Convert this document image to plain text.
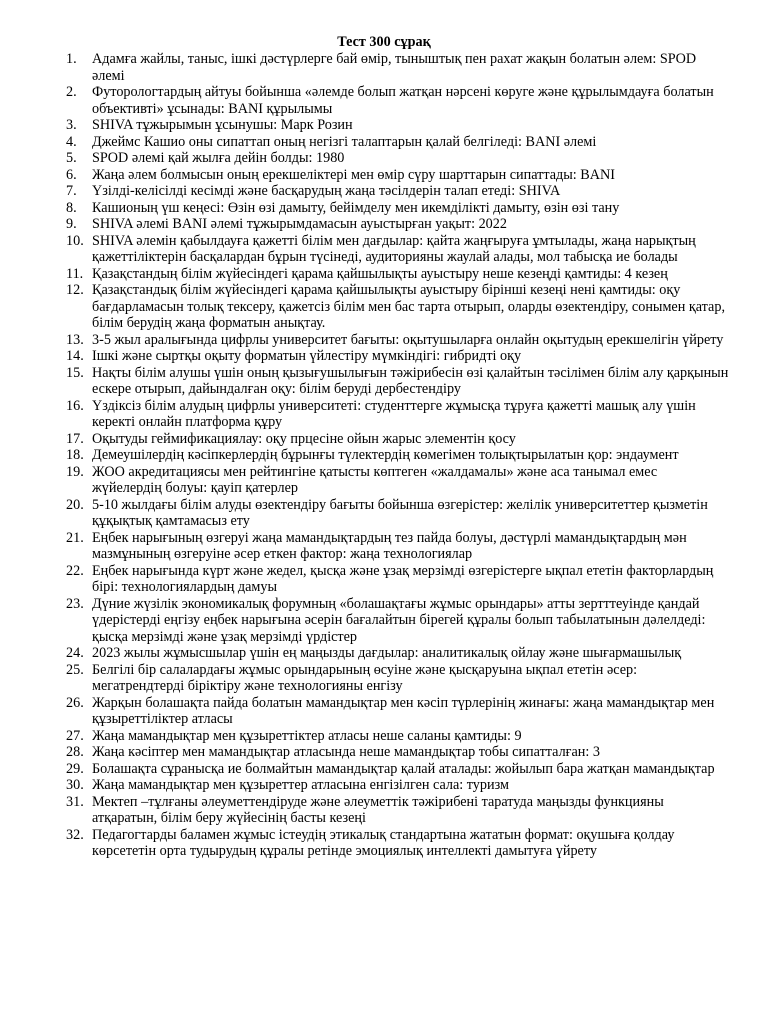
Тест 300 сұрақ
1. Адамға жайлы, таныс, ішкі дәстүрлерге бай өмір, тыныштық пен рахат жақын болатын әлем: SPOD әлемі
2. Футорологтардың айтуы бойынша «әлемде болып жатқан нәрсені көруге және құрылымдауға болатын объективті» ұсынады: BANI құрылымы
3. SHIVA тұжырымын ұсынушы: Марк Розин
4. Джеймс Кашио оны сипаттап оның негізгі талаптарын қалай белгіледі: BANI әлемі
5. SPOD әлемі қай жылға дейін болды: 1980
6. Жаңа әлем болмысын оның ерекшеліктері мен өмір сүру шарттарын сипаттады: BANI
7. Үзілді-келісілді кесімді және басқарудың жаңа тәсілдерін талап етеді: SHIVA
8. Кашионың үш кеңесі: Өзін өзі дамыту, бейімделу мен икемділікті дамыту, өзін өзі тану
9. SHIVA әлемі BANI әлемі тұжырымдамасын ауыстырған уақыт: 2022
10. SHIVA әлемін қабылдауға қажетті білім мен дағдылар: қайта жаңғыруға ұмтылады, жаңа нарықтың қажеттіліктерін басқалардан бұрын түсінеді, аудиторияны жаулай алады, мол табысқа ие болады
11. Қазақстандың білім жүйесіндегі қарама қайшылықты ауыстыру неше кезеңді қамтиды: 4 кезең
12. Қазақстандық білім жүйесіндегі қарама қайшылықты ауыстыру бірінші кезеңі нені қамтиды: оқу бағдарламасын толық тексеру, қажетсіз білім мен бас тарта отырып, оларды өзектендіру, сонымен қатар, білім берудің жаңа форматын анықтау.
13. 3-5 жыл аралығында цифрлы университет бағыты: оқытушыларға онлайн оқытудың ерекшелігін үйрету
14. Ішкі және сыртқы оқыту форматын үйлестіру мүмкіндігі: гибридті оқу
15. Нақты білім алушы үшін оның қызығушылығын тәжірибесін өзі қалайтын тәсілімен білім алу қарқынын ескере отырып, дайындалған оқу: білім беруді дербестендіру
16. Үздіксіз білім алудың цифрлы университеті: студенттерге жұмысқа тұруға қажетті машық алу үшін керекті онлайн платформа құру
17. Оқытуды геймификациялау: оқу прцесіне ойын жарыс элементін қосу
18. Демеушілердің кәсіпкерлердің бұрынғы түлектердің көмегімен толықтырылатын қор: эндаумент
19. ЖОО акредитациясы мен рейтингіне қатысты көптеген «жалдамалы» және аса танымал емес жүйелердің болуы: қауіп қатерлер
20. 5-10 жылдағы білім алуды өзектендіру бағыты бойынша өзгерістер: желілік университеттер қызметін құқықтық қамтамасыз ету
21. Еңбек нарығының өзгеруі жаңа мамандықтардың тез пайда болуы, дәстүрлі мамандықтардың мән мазмұнының өзгеруіне әсер еткен фактор: жаңа технологиялар
22. Еңбек нарығында күрт және жедел, қысқа және ұзақ мерзімді өзгерістерге ықпал ететін факторлардың бірі: технологиялардың дамуы
23. Дүние жүзілік экономикалық форумның «болашақтағы жұмыс орындары» атты зертттеуінде қандай үдерістерді еңгізу еңбек нарығына әсерін бағалайтын бірегей құралы болып табылатынын дәлелдеді: қысқа мерзімді және ұзақ мерзімді үрдістер
24. 2023 жылы жұмысшылар үшін ең маңызды дағдылар: аналитикалық ойлау және шығармашылық
25. Белгілі бір салалардағы жұмыс орындарының өсуіне және қысқаруына ықпал ететін әсер: мегатрендтерді біріктіру және технологияны енгізу
26. Жарқын болашақта пайда болатын мамандықтар мен кәсіп түрлерінің жинағы: жаңа мамандықтар мен құзыреттіліктер атласы
27. Жаңа мамандықтар мен құзыреттіктер атласы неше саланы қамтиды: 9
28. Жаңа кәсіптер мен мамандықтар атласында неше мамандықтар тобы сипатталған: 3
29. Болашақта сұранысқа ие болмайтын мамандықтар қалай аталады: жойылып бара жатқан мамандықтар
30. Жаңа мамандықтар мен құзыреттер атласына енгізілген сала: туризм
31. Мектеп –тұлғаны әлеуметтендіруде және әлеуметтік тәжірибені таратуда маңызды функцияны атқаратын, білім беру жүйесінің басты кезеңі
32. Педагогтарды баламен жұмыс істеудің этикалық стандартына жататын формат: оқушыға қолдау көрсететін орта тудырудың құралы ретінде эмоциялық интеллекті дамытуға үйрету
